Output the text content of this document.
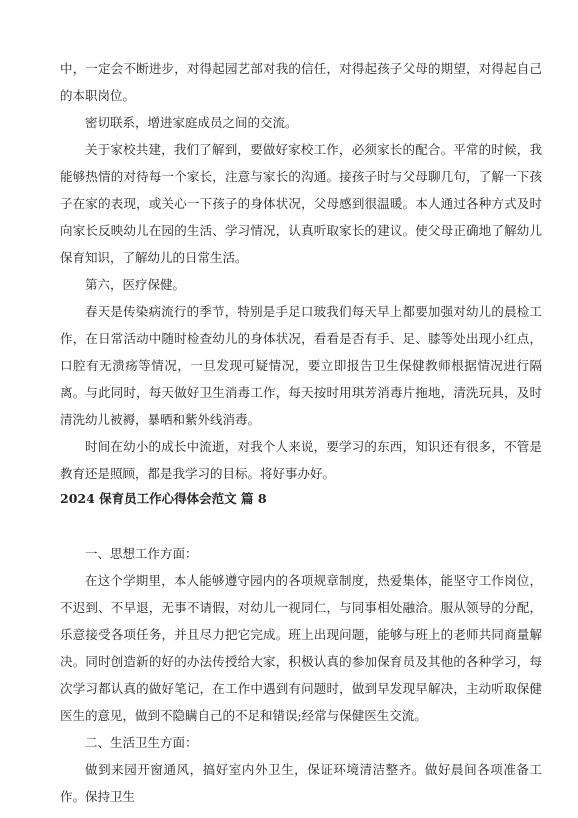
中，一定会不断进步，对得起园艺部对我的信任，对得起孩子父母的期望，对得起自己的本职岗位。

密切联系，增进家庭成员之间的交流。

关于家校共建，我们了解到，要做好家校工作，必须家长的配合。平常的时候，我能够热情的对待每一个家长，注意与家长的沟通。接孩子时与父母聊几句，了解一下孩子在家的表现，或关心一下孩子的身体状况，父母感到很温暖。本人通过各种方式及时向家长反映幼儿在园的生活、学习情况，认真听取家长的建议。使父母正确地了解幼儿保育知识，了解幼儿的日常生活。

第六，医疗保健。

春天是传染病流行的季节，特别是手足口玻我们每天早上都要加强对幼儿的晨检工作，在日常活动中随时检查幼儿的身体状况，看看是否有手、足、膝等处出现小红点，口腔有无溃疡等情况，一旦发现可疑情况，要立即报告卫生保健教师根据情况进行隔离。与此同时，每天做好卫生消毒工作，每天按时用琪芳消毒片拖地，清洗玩具，及时清洗幼儿被褥，暴晒和紫外线消毒。

时间在幼小的成长中流逝，对我个人来说，要学习的东西，知识还有很多，不管是教育还是照顾，都是我学习的目标。将好事办好。

2024 保育员工作心得体会范文 篇 8

一、思想工作方面：

在这个学期里，本人能够遵守园内的各项规章制度，热爱集体，能坚守工作岗位，不迟到、不早退，无事不请假，对幼儿一视同仁，与同事相处融洽。服从领导的分配，乐意接受各项任务，并且尽力把它完成。班上出现问题，能够与班上的老师共同商量解决。同时创造新的好的办法传授给大家，积极认真的参加保育员及其他的各种学习，每次学习都认真的做好笔记，在工作中遇到有问题时，做到早发现早解决，主动听取保健医生的意见，做到不隐瞒自己的不足和错误;经常与保健医生交流。

二、生活卫生方面：

做到来园开窗通风，搞好室内外卫生，保证环境清洁整齐。做好晨间各项准备工作。保持卫生
